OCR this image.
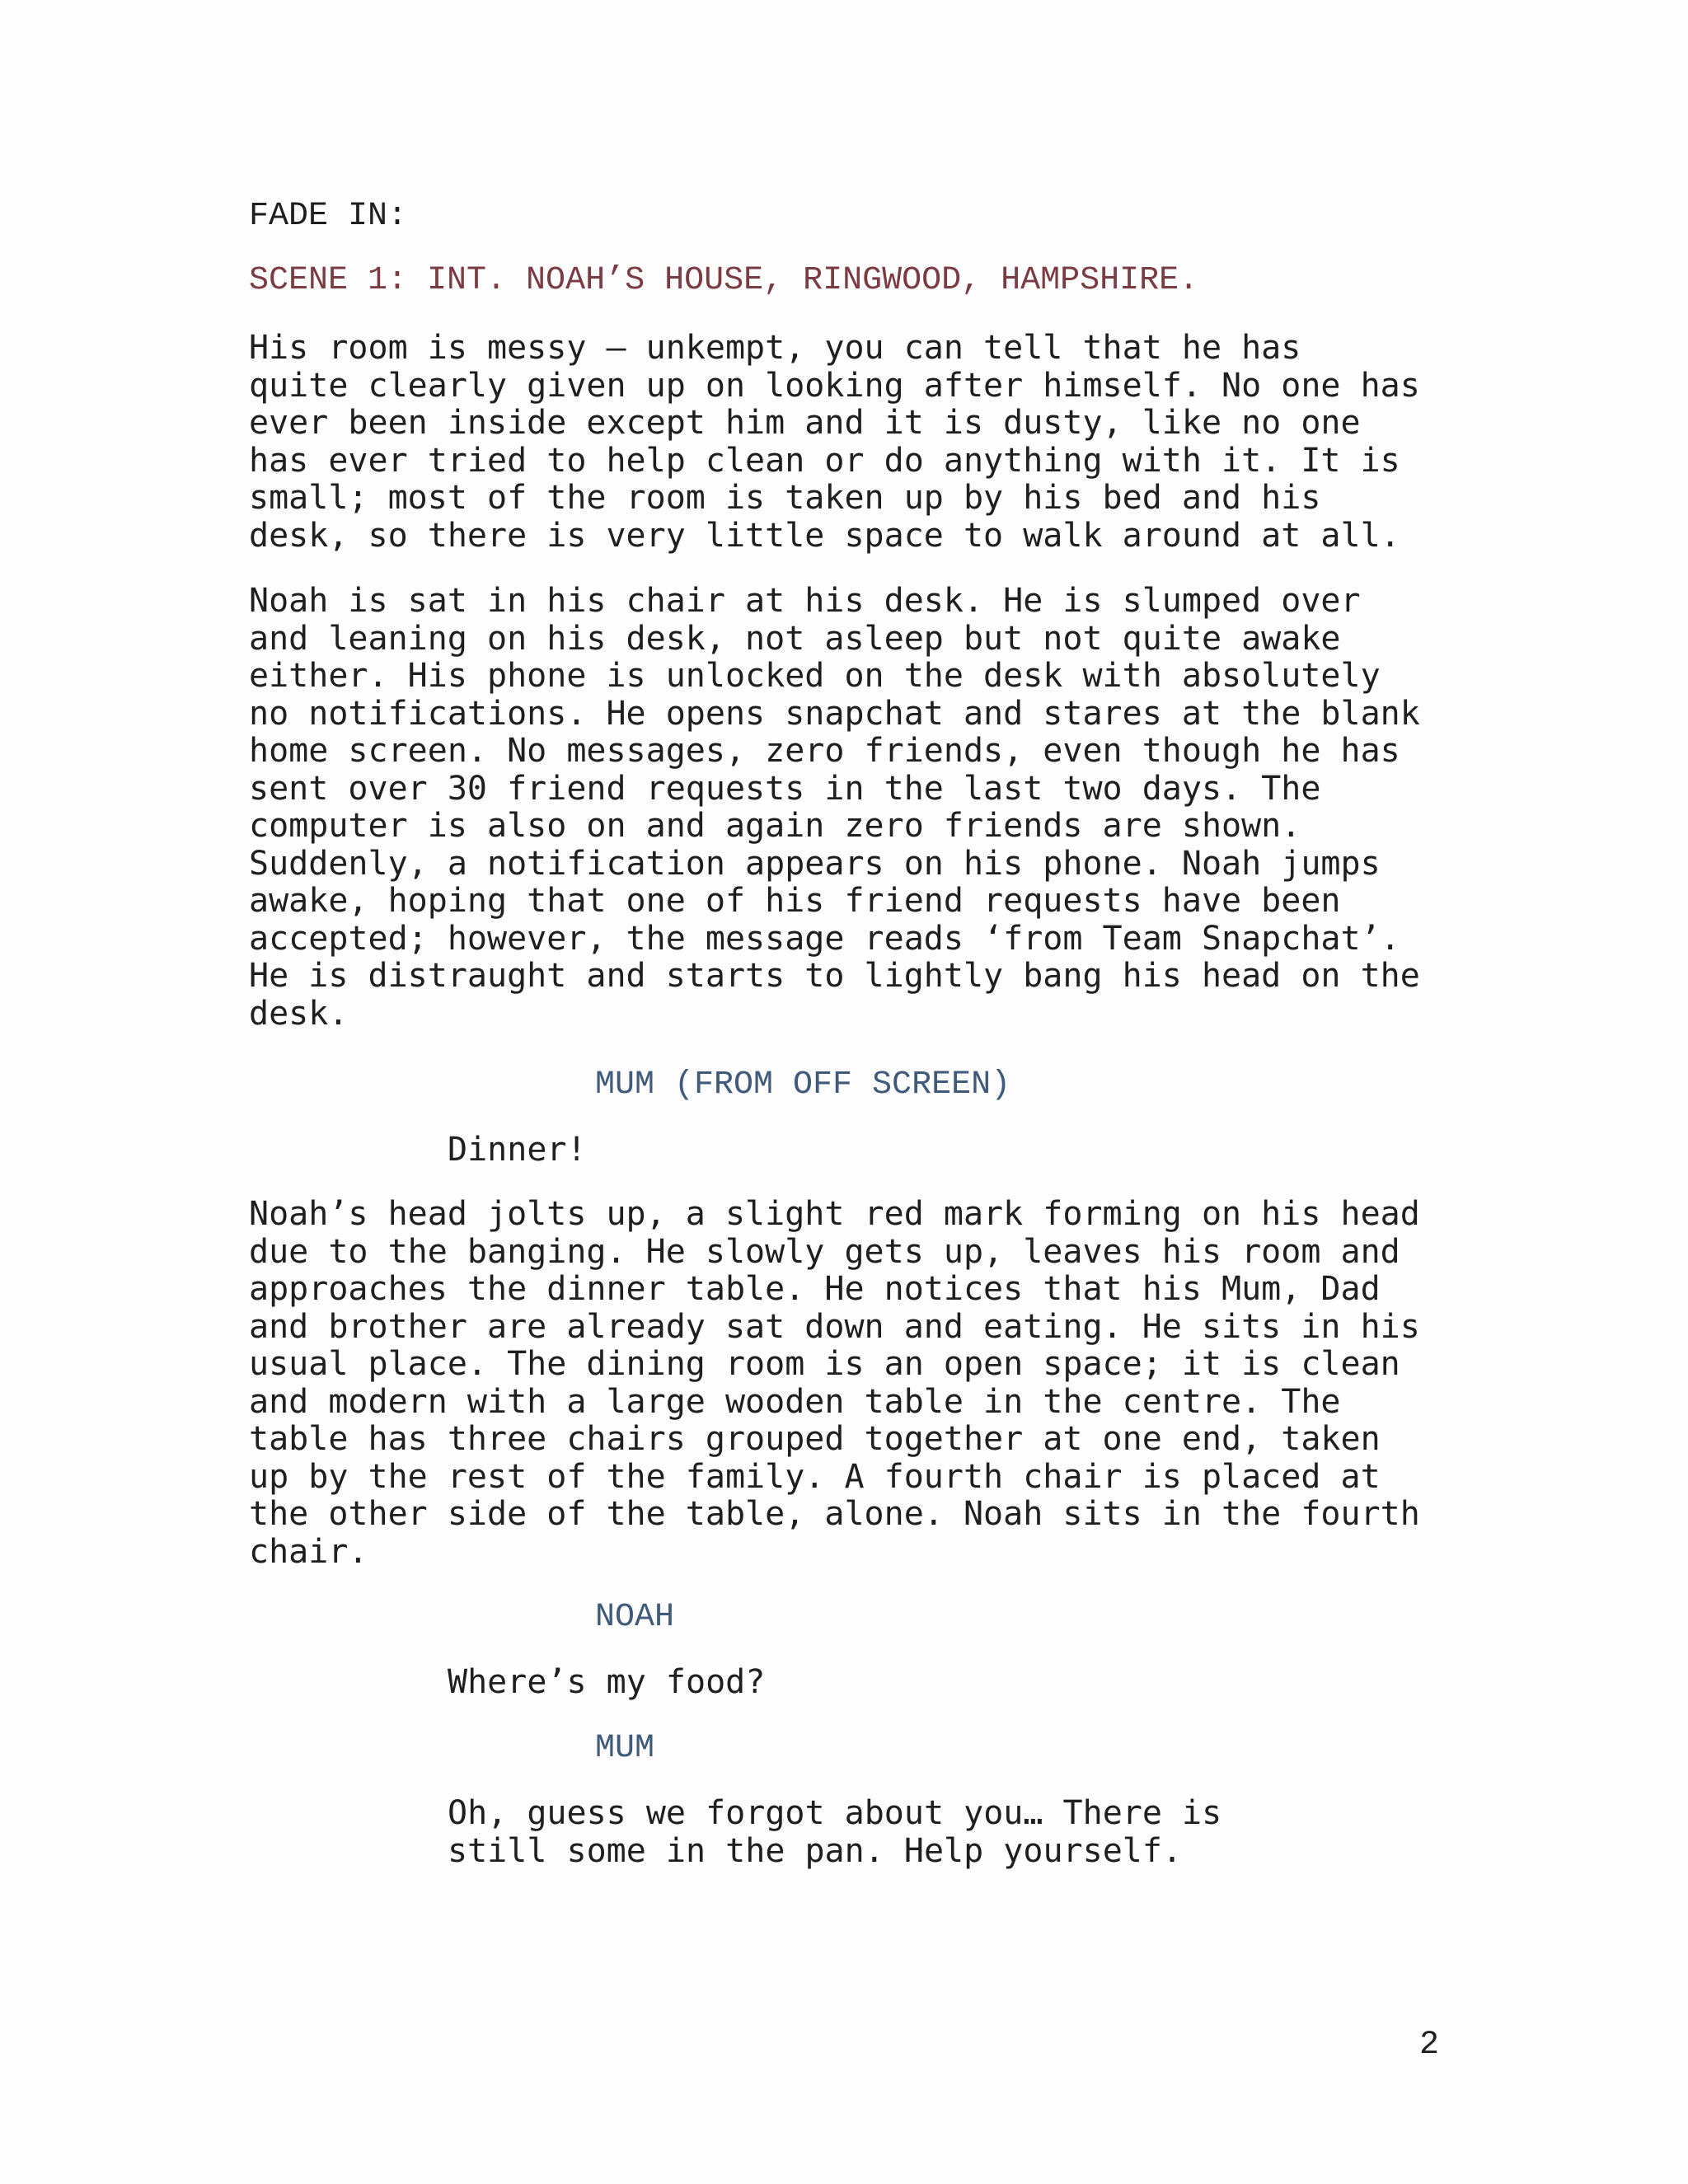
FADE IN:
SCENE 1: INT. NOAH’S HOUSE, RINGWOOD, HAMPSHIRE.
His room is messy – unkempt, you can tell that he has
quite clearly given up on looking after himself. No one has
ever been inside except him and it is dusty, like no one
has ever tried to help clean or do anything with it. It is
small; most of the room is taken up by his bed and his
desk, so there is very little space to walk around at all.
Noah is sat in his chair at his desk. He is slumped over
and leaning on his desk, not asleep but not quite awake
either. His phone is unlocked on the desk with absolutely
no notifications. He opens snapchat and stares at the blank
home screen. No messages, zero friends, even though he has
sent over 30 friend requests in the last two days. The
computer is also on and again zero friends are shown.
Suddenly, a notification appears on his phone. Noah jumps
awake, hoping that one of his friend requests have been
accepted; however, the message reads ‘from Team Snapchat’.
He is distraught and starts to lightly bang his head on the
desk.
MUM (FROM OFF SCREEN)
Dinner!
Noah’s head jolts up, a slight red mark forming on his head
due to the banging. He slowly gets up, leaves his room and
approaches the dinner table. He notices that his Mum, Dad
and brother are already sat down and eating. He sits in his
usual place. The dining room is an open space; it is clean
and modern with a large wooden table in the centre. The
table has three chairs grouped together at one end, taken
up by the rest of the family. A fourth chair is placed at
the other side of the table, alone. Noah sits in the fourth
chair.
NOAH
Where’s my food?
MUM
Oh, guess we forgot about you… There is
still some in the pan. Help yourself.
2
